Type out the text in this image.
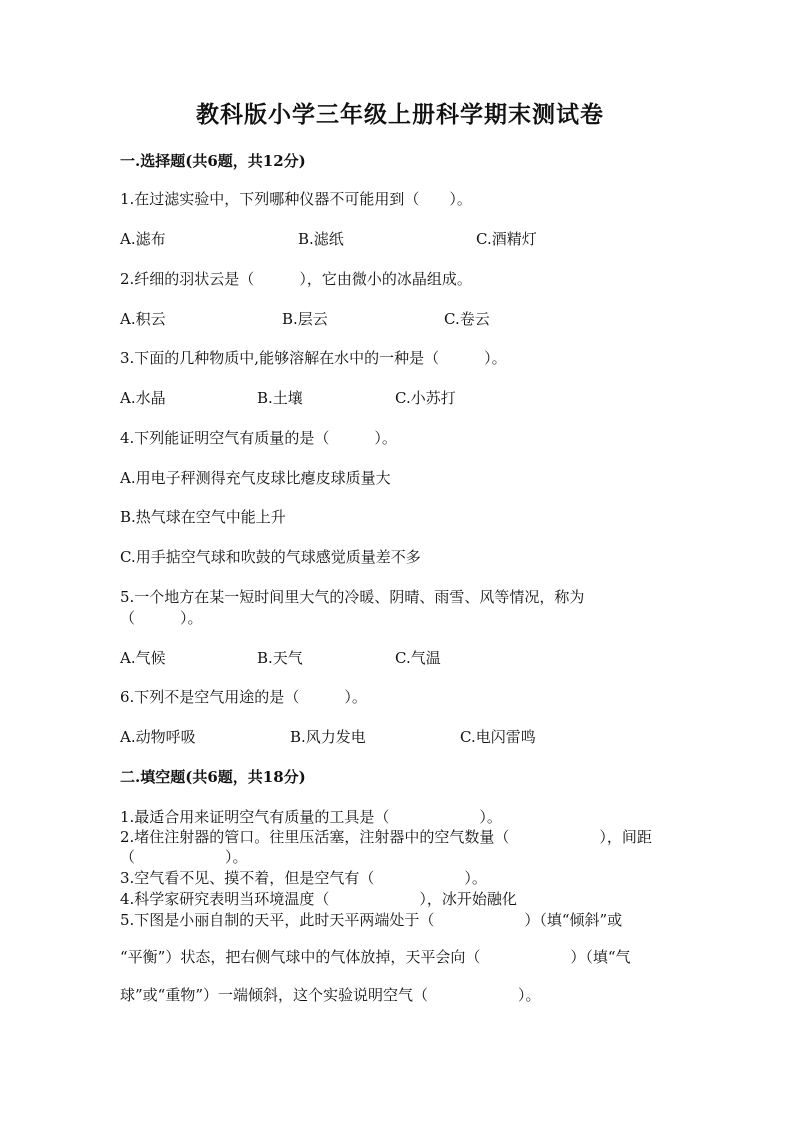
教科版小学三年级上册科学期末测试卷
一.选择题(共6题，共12分)
1.在过滤实验中，下列哪种仪器不可能用到（　　）。
A.滤布	B.滤纸	C.酒精灯
2.纤细的羽状云是（　　　），它由微小的冰晶组成。
A.积云	B.层云	C.卷云
3.下面的几种物质中,能够溶解在水中的一种是（　　　）。
A.水晶	B.土壤	C.小苏打
4.下列能证明空气有质量的是（　　　）。
A.用电子秤测得充气皮球比瘪皮球质量大
B.热气球在空气中能上升
C.用手掂空气球和吹鼓的气球感觉质量差不多
5.一个地方在某一短时间里大气的冷暖、阴晴、雨雪、风等情况，称为
（　　　）。
A.气候	B.天气	C.气温
6.下列不是空气用途的是（　　　）。
A.动物呼吸	B.风力发电	C.电闪雷鸣
二.填空题(共6题，共18分)
1.最适合用来证明空气有质量的工具是（　　　　　　）。
2.堵住注射器的管口。往里压活塞，注射器中的空气数量（　　　　　　），间距
（　　　　　　）。
3.空气看不见、摸不着，但是空气有（　　　　　　）。
4.科学家研究表明当环境温度（　　　　　　），冰开始融化
5.下图是小丽自制的天平，此时天平两端处于（　　　　　　）（填“倾斜”或
“平衡”）状态，把右侧气球中的气体放掉，天平会向（　　　　　　）（填“气
球”或“重物”）一端倾斜，这个实验说明空气（　　　　　　）。
